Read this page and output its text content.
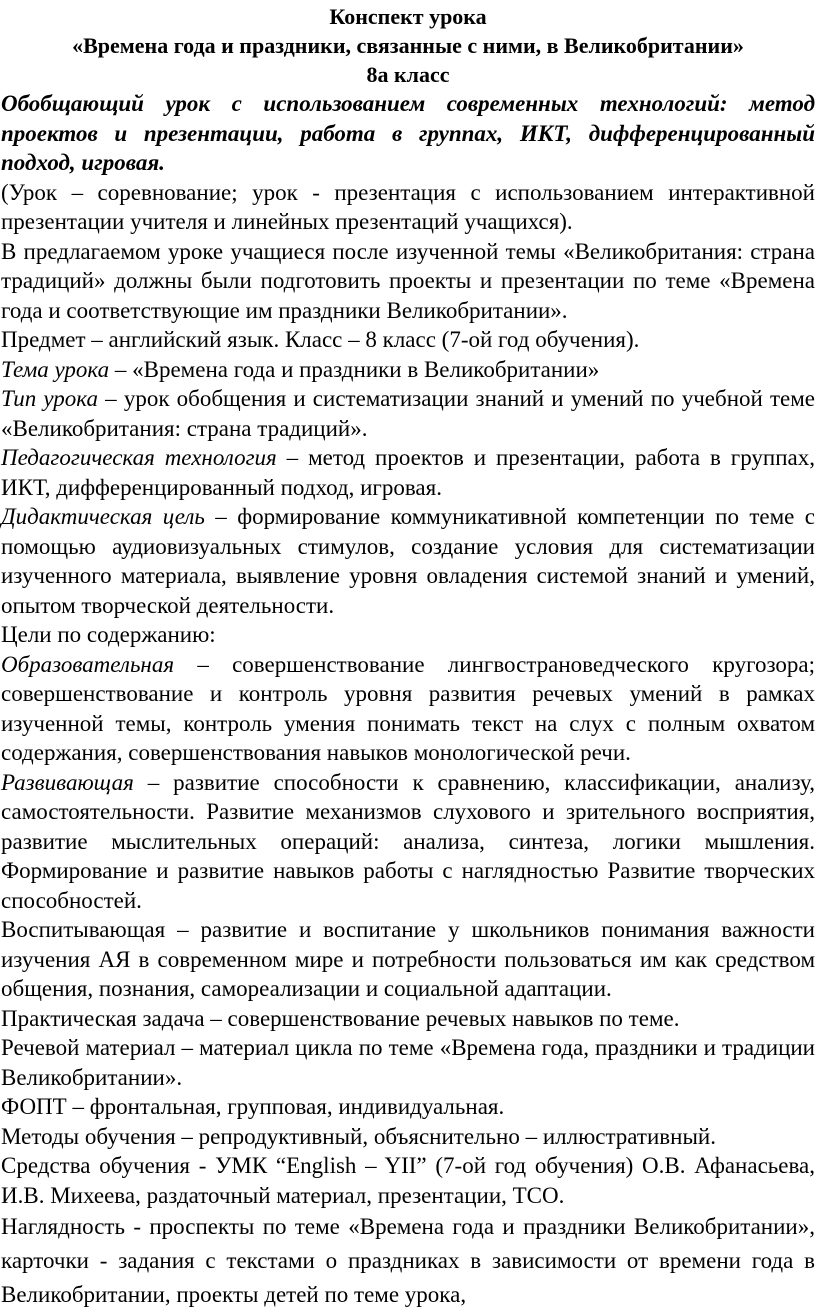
Конспект урока

«Времена года и праздники, связанные с ними, в Великобритании»

8а класс

Обобщающий урок с использованием современных технологий: метод проектов и презентации, работа в группах, ИКТ, дифференцированный подход, игровая.

(Урок – соревнование; урок - презентация с использованием интерактивной презентации учителя и линейных презентаций учащихся).

В предлагаемом уроке учащиеся после изученной темы «Великобритания: страна традиций» должны были подготовить проекты и презентации по теме «Времена года и соответствующие им праздники Великобритании».

Предмет – английский язык. Класс – 8 класс (7-ой год обучения).

Тема урока – «Времена года и праздники в Великобритании»

Тип урока – урок обобщения и систематизации знаний и умений по учебной теме «Великобритания: страна традиций».

Педагогическая технология – метод проектов и презентации, работа в группах, ИКТ, дифференцированный подход, игровая.

Дидактическая цель – формирование коммуникативной компетенции по теме с помощью аудиовизуальных стимулов, создание условия для систематизации изученного материала, выявление уровня овладения системой знаний и умений, опытом творческой деятельности.

Цели по содержанию:

Образовательная – совершенствование лингвострановедческого кругозора; совершенствование и контроль уровня развития речевых умений в рамках изученной темы, контроль умения понимать текст на слух с полным охватом содержания, совершенствования навыков монологической речи.

Развивающая – развитие способности к сравнению, классификации, анализу, самостоятельности. Развитие механизмов слухового и зрительного восприятия, развитие мыслительных операций: анализа, синтеза, логики мышления. Формирование и развитие навыков работы с наглядностью Развитие творческих способностей.

Воспитывающая – развитие и воспитание у школьников понимания важности изучения АЯ в современном мире и потребности пользоваться им как средством общения, познания, самореализации и социальной адаптации.

Практическая задача – совершенствование речевых навыков по теме.

Речевой материал – материал цикла по теме «Времена года, праздники и традиции Великобритании».

ФОПТ – фронтальная, групповая, индивидуальная.

Методы обучения – репродуктивный, объяснительно – иллюстративный.

Средства обучения - УМК “English – YII” (7-ой год обучения) О.В. Афанасьева, И.В. Михеева, раздаточный материал, презентации, ТСО.

Наглядность - проспекты по теме «Времена года и праздники Великобритании», карточки - задания с текстами о праздниках в зависимости от времени года в Великобритании, проекты детей по теме урока,
